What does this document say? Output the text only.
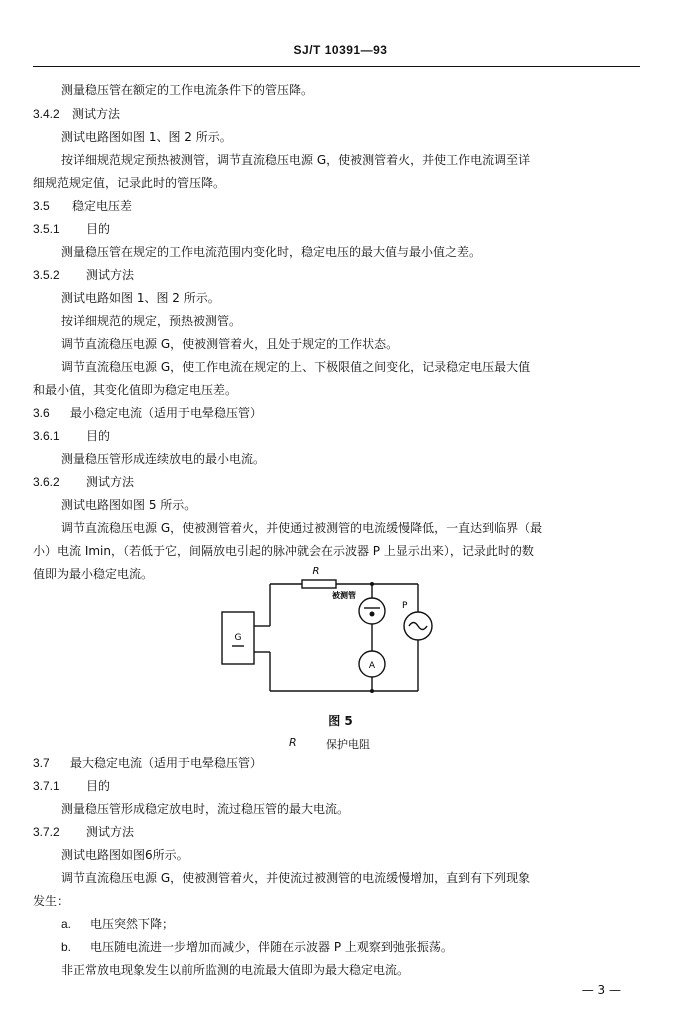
SJ/T 10391—93
测量稳压管在额定的工作电流条件下的管压降。
3.4.2 测试方法
测试电路图如图 1、图 2 所示。
按详细规范规定预热被测管，调节直流稳压电源 G，使被测管着火，并使工作电流调至详
细规范规定值，记录此时的管压降。
3.5 稳定电压差
3.5.1 目的
测量稳压管在规定的工作电流范围内变化时，稳定电压的最大值与最小值之差。
3.5.2 测试方法
测试电路如图 1、图 2 所示。
按详细规范的规定，预热被测管。
调节直流稳压电源 G，使被测管着火，且处于规定的工作状态。
调节直流稳压电源 G，使工作电流在规定的上、下极限值之间变化，记录稳定电压最大值
和最小值，其变化值即为稳定电压差。
3.6 最小稳定电流（适用于电晕稳压管）
3.6.1 目的
测量稳压管形成连续放电的最小电流。
3.6.2 测试方法
测试电路图如图 5 所示。
调节直流稳压电源 G，使被测管着火，并使通过被测管的电流缓慢降低，一直达到临界（最
小）电流 Imin，（若低于它，间隔放电引起的脉冲就会在示波器 P 上显示出来），记录此时的数
值即为最小稳定电流。	R
被测管
P
G
A
图 5
R	保护电阻
3.7 最大稳定电流（适用于电晕稳压管）
3.7.1 目的
测量稳压管形成稳定放电时，流过稳压管的最大电流。
3.7.2 测试方法
测试电路图如图6所示。
调节直流稳压电源 G，使被测管着火，并使流过被测管的电流缓慢增加，直到有下列现象
发生：
a. 电压突然下降；
b. 电压随电流进一步增加而减少，伴随在示波器 P 上观察到弛张振荡。
非正常放电现象发生以前所监测的电流最大值即为最大稳定电流。
— 3 —
